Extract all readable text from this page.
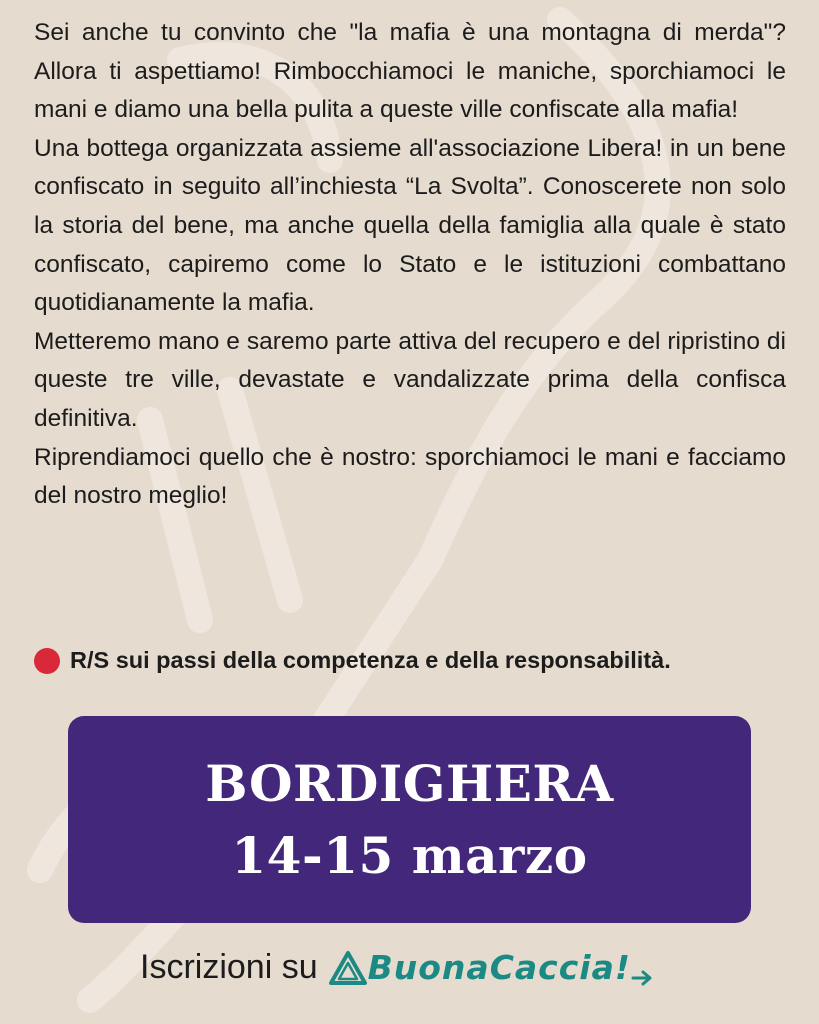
Sei anche tu convinto che "la mafia è una montagna di merda"? Allora ti aspettiamo! Rimbocchiamoci le maniche, sporchiamoci le mani e diamo una bella pulita a queste ville confiscate alla mafia!

Una bottega organizzata assieme all'associazione Libera! in un bene confiscato in seguito all’inchiesta “La Svolta”. Conoscerete non solo la storia del bene, ma anche quella della famiglia alla quale è stato confiscato, capiremo come lo Stato e le istituzioni combattano quotidianamente la mafia.

Metteremo mano e saremo parte attiva del recupero e del ripristino di queste tre ville, devastate e vandalizzate prima della confisca definitiva.

Riprendiamoci quello che è nostro: sporchiamoci le mani e facciamo del nostro meglio!

R/S sui passi della competenza e della responsabilità.
BORDIGHERA
14-15 marzo
Iscrizioni su BuonaCaccia!
